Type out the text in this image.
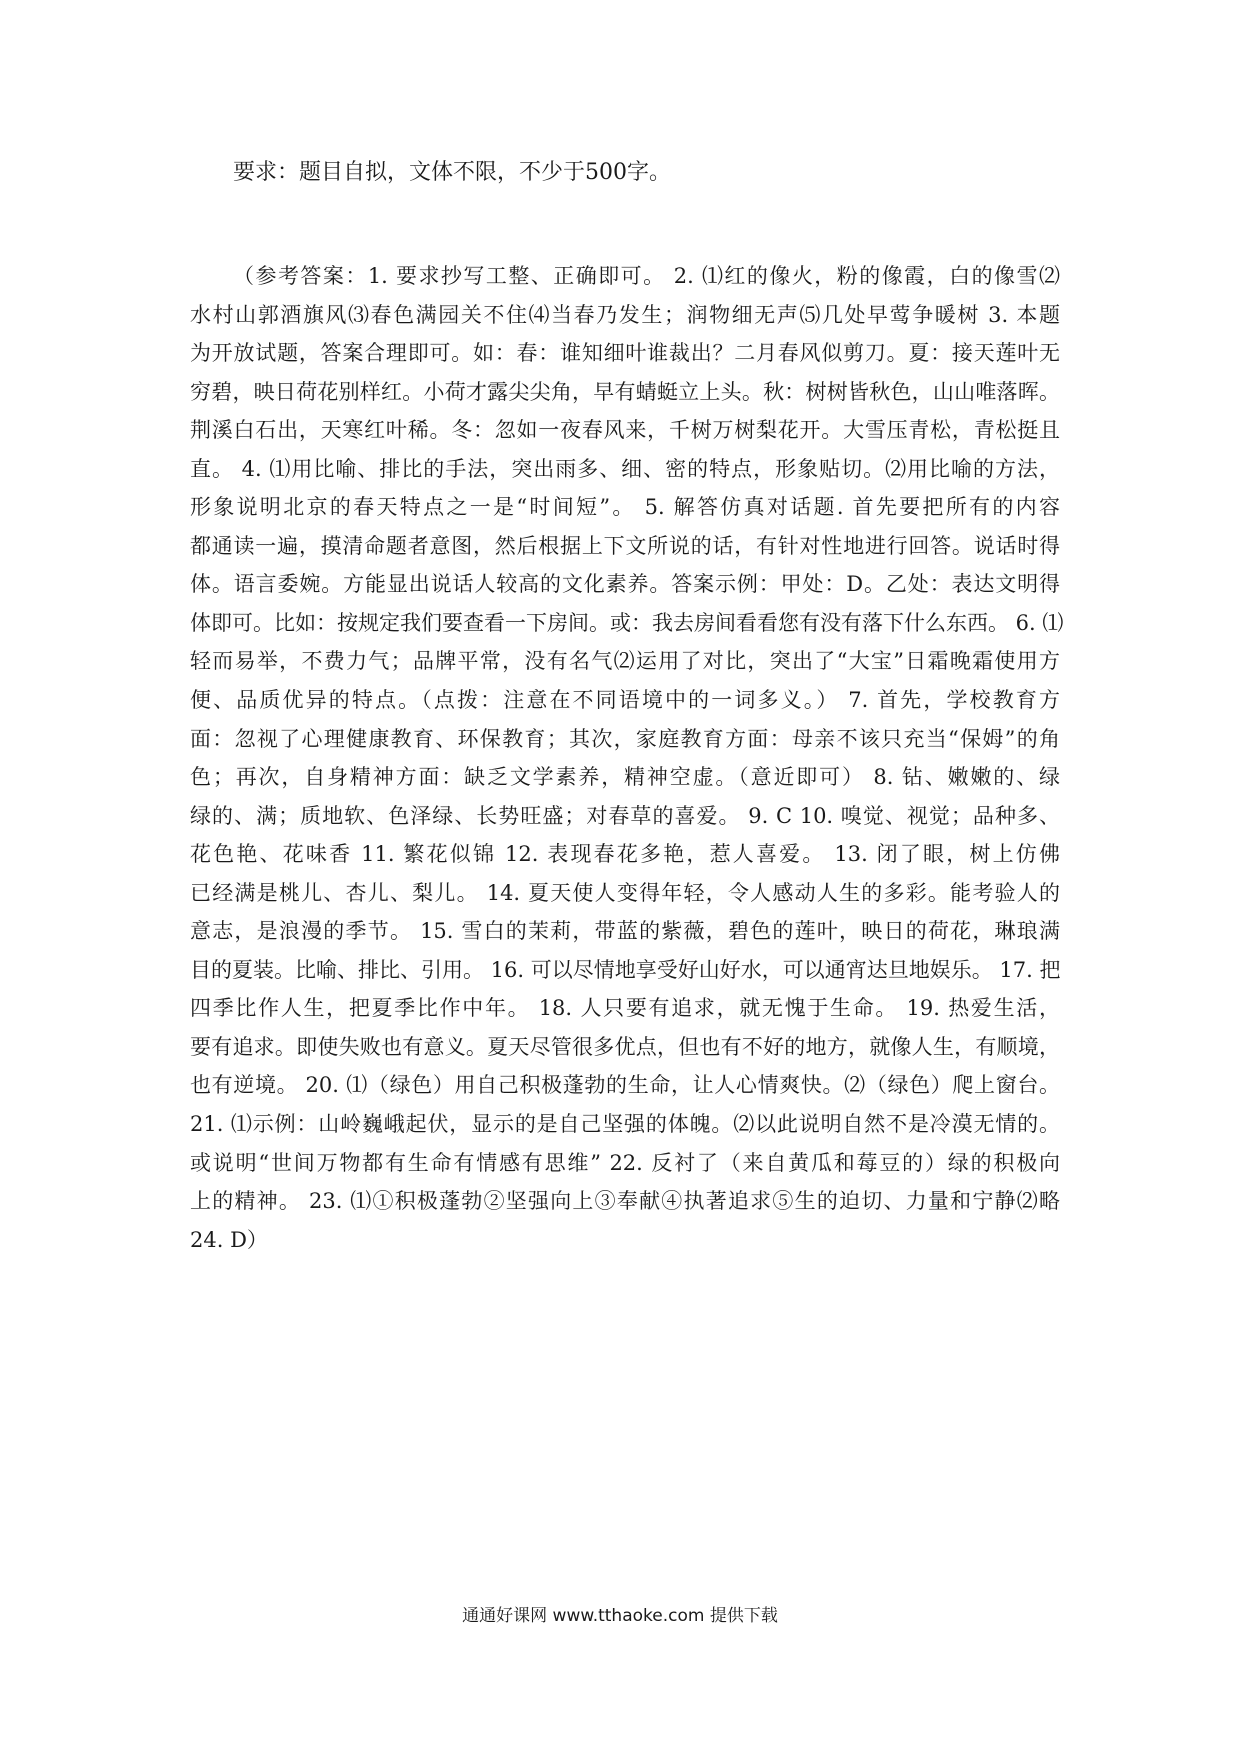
要求：题目自拟，文体不限，不少于500字。
（参考答案：1. 要求抄写工整、正确即可。 2. ⑴红的像火，粉的像霞，白的像雪⑵
水村山郭酒旗风⑶春色满园关不住⑷当春乃发生；润物细无声⑸几处早莺争暖树 3. 本题
为开放试题，答案合理即可。如：春：谁知细叶谁裁出？二月春风似剪刀。夏：接天莲叶无
穷碧，映日荷花别样红。小荷才露尖尖角，早有蜻蜓立上头。秋：树树皆秋色，山山唯落晖。
荆溪白石出，天寒红叶稀。冬：忽如一夜春风来，千树万树梨花开。大雪压青松，青松挺且
直。 4. ⑴用比喻、排比的手法，突出雨多、细、密的特点，形象贴切。⑵用比喻的方法，
形象说明北京的春天特点之一是“时间短”。 5. 解答仿真对话题. 首先要把所有的内容
都通读一遍，摸清命题者意图，然后根据上下文所说的话，有针对性地进行回答。说话时得
体。语言委婉。方能显出说话人较高的文化素养。答案示例：甲处：D。乙处：表达文明得
体即可。比如：按规定我们要查看一下房间。或：我去房间看看您有没有落下什么东西。 6. ⑴
轻而易举，不费力气；品牌平常，没有名气⑵运用了对比，突出了“大宝”日霜晚霜使用方
便、品质优异的特点。（点拨：注意在不同语境中的一词多义。） 7. 首先，学校教育方
面：忽视了心理健康教育、环保教育；其次，家庭教育方面：母亲不该只充当“保姆”的角
色；再次，自身精神方面：缺乏文学素养，精神空虚。（意近即可） 8. 钻、嫩嫩的、绿
绿的、满；质地软、色泽绿、长势旺盛；对春草的喜爱。 9. C 10. 嗅觉、视觉；品种多、
花色艳、花味香 11. 繁花似锦 12. 表现春花多艳，惹人喜爱。 13. 闭了眼，树上仿佛
已经满是桃儿、杏儿、梨儿。 14. 夏天使人变得年轻，令人感动人生的多彩。能考验人的
意志，是浪漫的季节。 15. 雪白的茉莉，带蓝的紫薇，碧色的莲叶，映日的荷花，琳琅满
目的夏装。比喻、排比、引用。 16. 可以尽情地享受好山好水，可以通宵达旦地娱乐。 17. 把
四季比作人生，把夏季比作中年。 18. 人只要有追求，就无愧于生命。 19. 热爱生活，
要有追求。即使失败也有意义。夏天尽管很多优点，但也有不好的地方，就像人生，有顺境，
也有逆境。 20. ⑴（绿色）用自己积极蓬勃的生命，让人心情爽快。⑵（绿色）爬上窗台。
21. ⑴示例：山岭巍峨起伏，显示的是自己坚强的体魄。⑵以此说明自然不是冷漠无情的。
或说明“世间万物都有生命有情感有思维” 22. 反衬了（来自黄瓜和莓豆的）绿的积极向
上的精神。 23. ⑴①积极蓬勃②坚强向上③奉献④执著追求⑤生的迫切、力量和宁静⑵略
24. D）
通通好课网 www.tthaoke.com 提供下载
